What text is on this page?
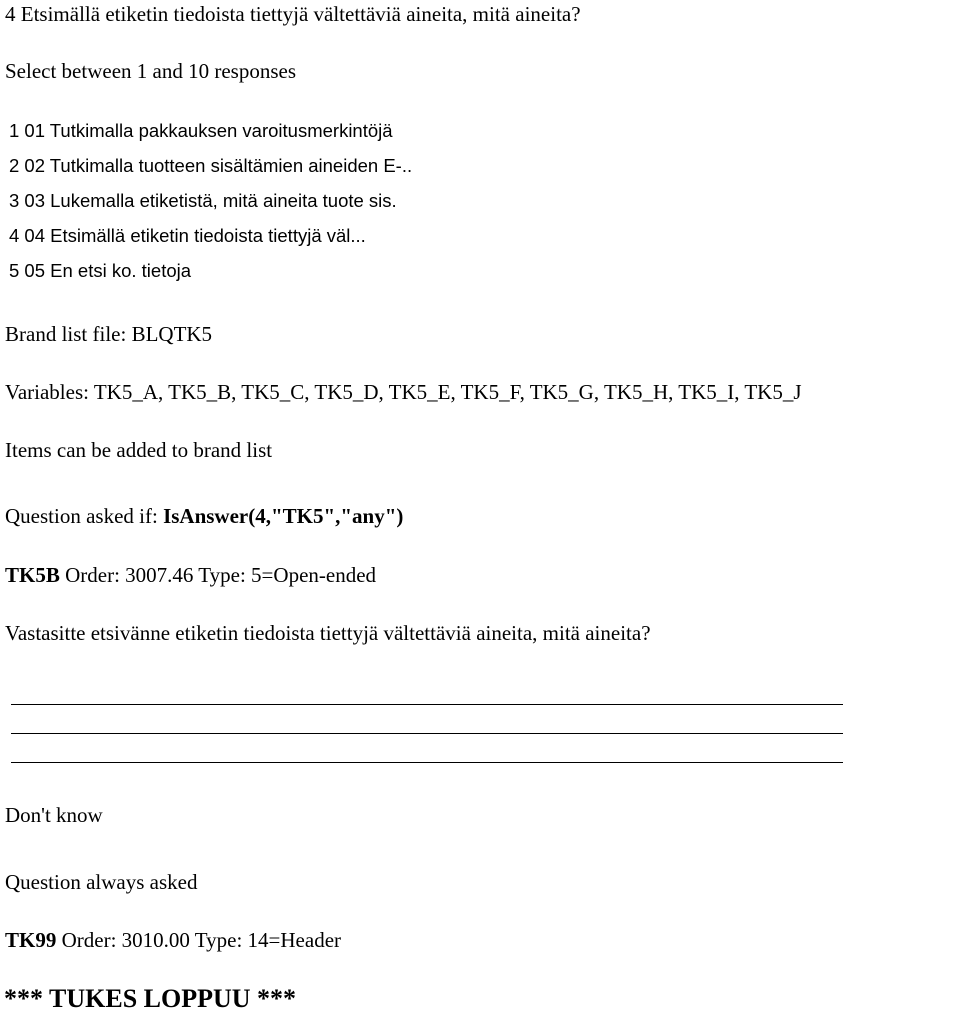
4 Etsimällä etiketin tiedoista tiettyjä vältettäviä aineita, mitä aineita?
Select between 1 and 10 responses
1 01 Tutkimalla pakkauksen varoitusmerkintöjä
2 02 Tutkimalla tuotteen sisältämien aineiden E-..
3 03 Lukemalla etiketistä, mitä aineita tuote sis.
4 04 Etsimällä etiketin tiedoista tiettyjä väl...
5 05 En etsi ko. tietoja
Brand list file: BLQTK5
Variables: TK5_A, TK5_B, TK5_C, TK5_D, TK5_E, TK5_F, TK5_G, TK5_H, TK5_I, TK5_J
Items can be added to brand list
Question asked if: IsAnswer(4,"TK5","any")
TK5B Order: 3007.46 Type: 5=Open-ended
Vastasitte etsivänne etiketin tiedoista tiettyjä vältettäviä aineita, mitä aineita?
Don't know
Question always asked
TK99 Order: 3010.00 Type: 14=Header
*** TUKES LOPPUU ***
